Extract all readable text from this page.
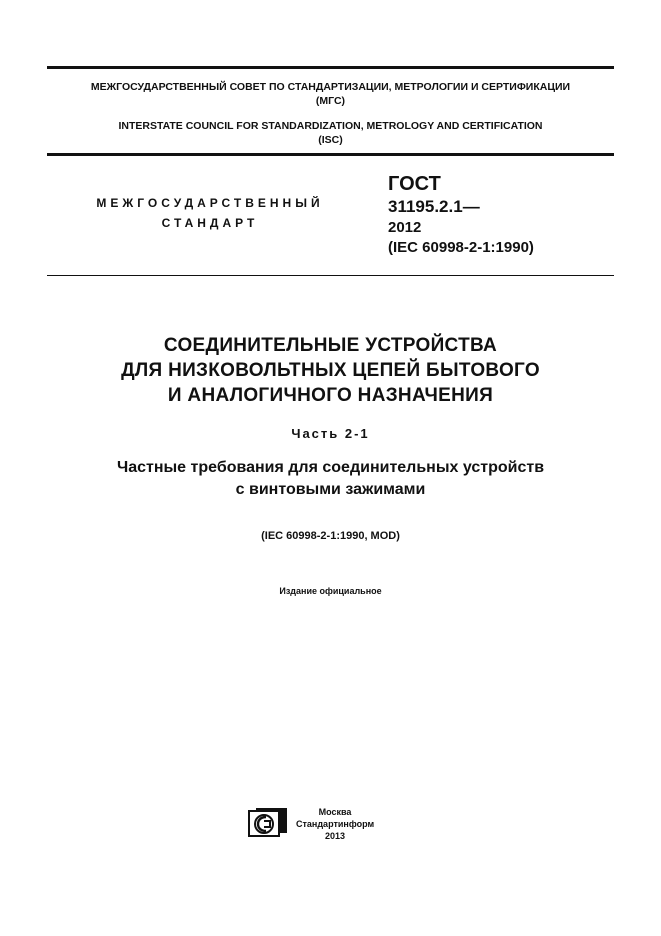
МЕЖГОСУДАРСТВЕННЫЙ СОВЕТ ПО СТАНДАРТИЗАЦИИ, МЕТРОЛОГИИ И СЕРТИФИКАЦИИ
(МГС)
INTERSTATE COUNCIL FOR STANDARDIZATION, METROLOGY AND CERTIFICATION
(ISC)
МЕЖГОСУДАРСТВЕННЫЙ
СТАНДАРТ
ГОСТ
31195.2.1—
2012
(IEC 60998-2-1:1990)
СОЕДИНИТЕЛЬНЫЕ УСТРОЙСТВА
ДЛЯ НИЗКОВОЛЬТНЫХ ЦЕПЕЙ БЫТОВОГО
И АНАЛОГИЧНОГО НАЗНАЧЕНИЯ
Часть 2-1
Частные требования для соединительных устройств
с винтовыми зажимами
(IEC 60998-2-1:1990, MOD)
Издание официальное
Москва
Стандартинформ
2013
